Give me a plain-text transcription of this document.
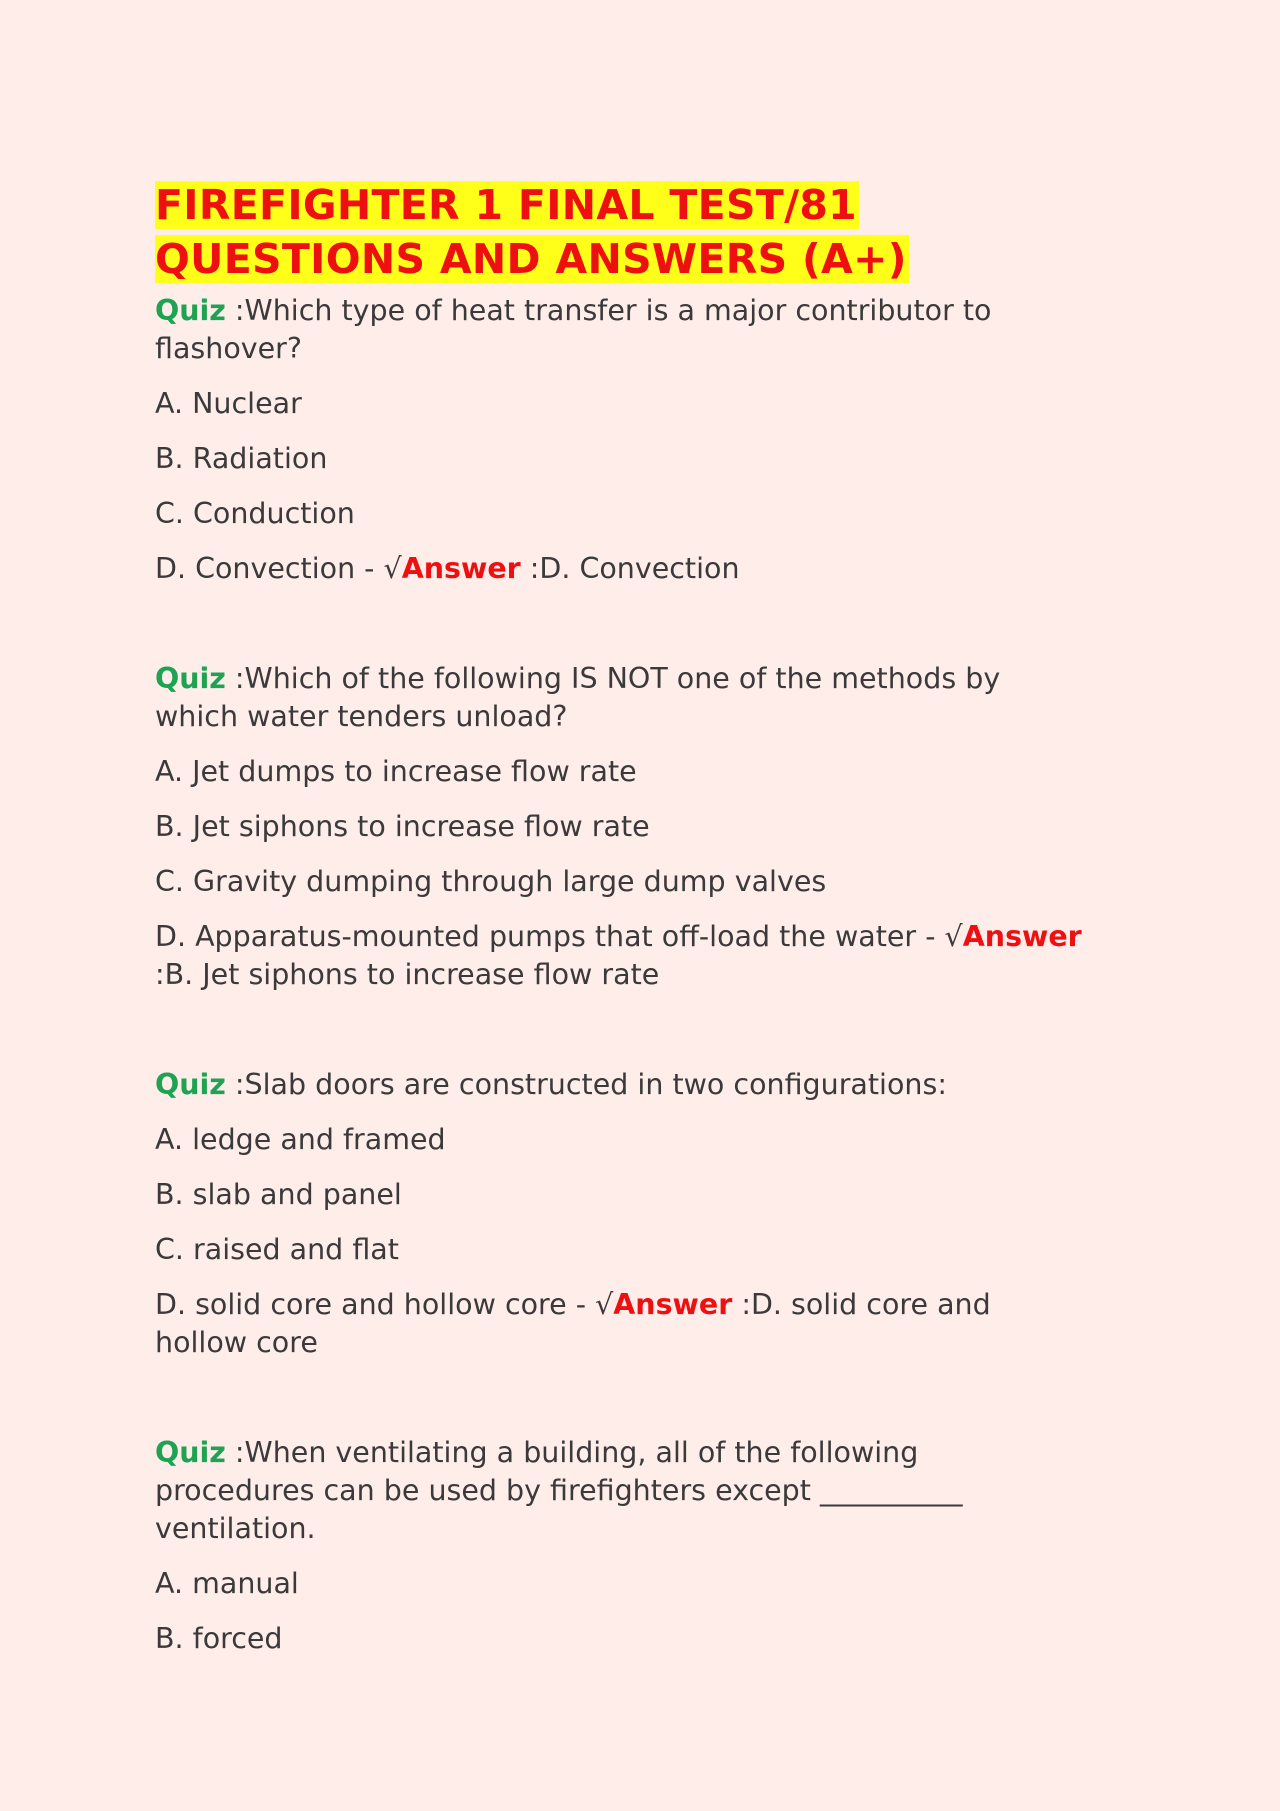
FIREFIGHTER 1 FINAL TEST/81
QUESTIONS AND ANSWERS (A+)

Quiz :Which type of heat transfer is a major contributor to flashover?

A. Nuclear

B. Radiation

C. Conduction

D. Convection - √Answer :D. Convection

Quiz :Which of the following IS NOT one of the methods by which water tenders unload?

A. Jet dumps to increase flow rate

B. Jet siphons to increase flow rate

C. Gravity dumping through large dump valves

D. Apparatus-mounted pumps that off-load the water - √Answer :B. Jet siphons to increase flow rate

Quiz :Slab doors are constructed in two configurations:

A. ledge and framed

B. slab and panel

C. raised and flat

D. solid core and hollow core - √Answer :D. solid core and hollow core

Quiz :When ventilating a building, all of the following procedures can be used by firefighters except __________ ventilation.

A. manual

B. forced
